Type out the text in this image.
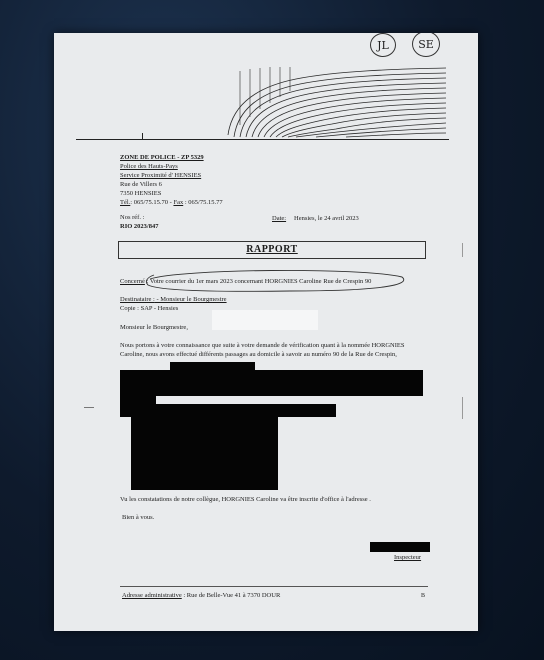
JL	SE
ZONE DE POLICE - ZP 5329
Police des Hauts-Pays
Service Proximité d' HENSIES
Rue de Villers 6
7350 HENSIES
Tél.: 065/75.15.70 - Fax : 065/75.15.77
Nos réf. :
RIO 2023/847
Date: Hensies, le 24 avril 2023
RAPPORT
Concerné : Votre courrier du 1er mars 2023 concernant HORGNIES Caroline Rue de Crespin 90
Destinataire : - Monsieur le Bourgmestre
Copie : SAP - Hensies
Monsieur le Bourgmestre,
Nous portons à votre connaissance que suite à votre demande de vérification quant à la nommée HORGNIES Caroline, nous avons effectué différents passages au domicile à savoir au numéro 90 de la Rue de Crespin,
Vu les constatations de notre collègue, HORGNIES Caroline va être inscrite d'office à l'adresse .
Bien à vous.
Inspecteur
Adresse administrative : Rue de Belle-Vue 41 à 7370 DOUR	B
